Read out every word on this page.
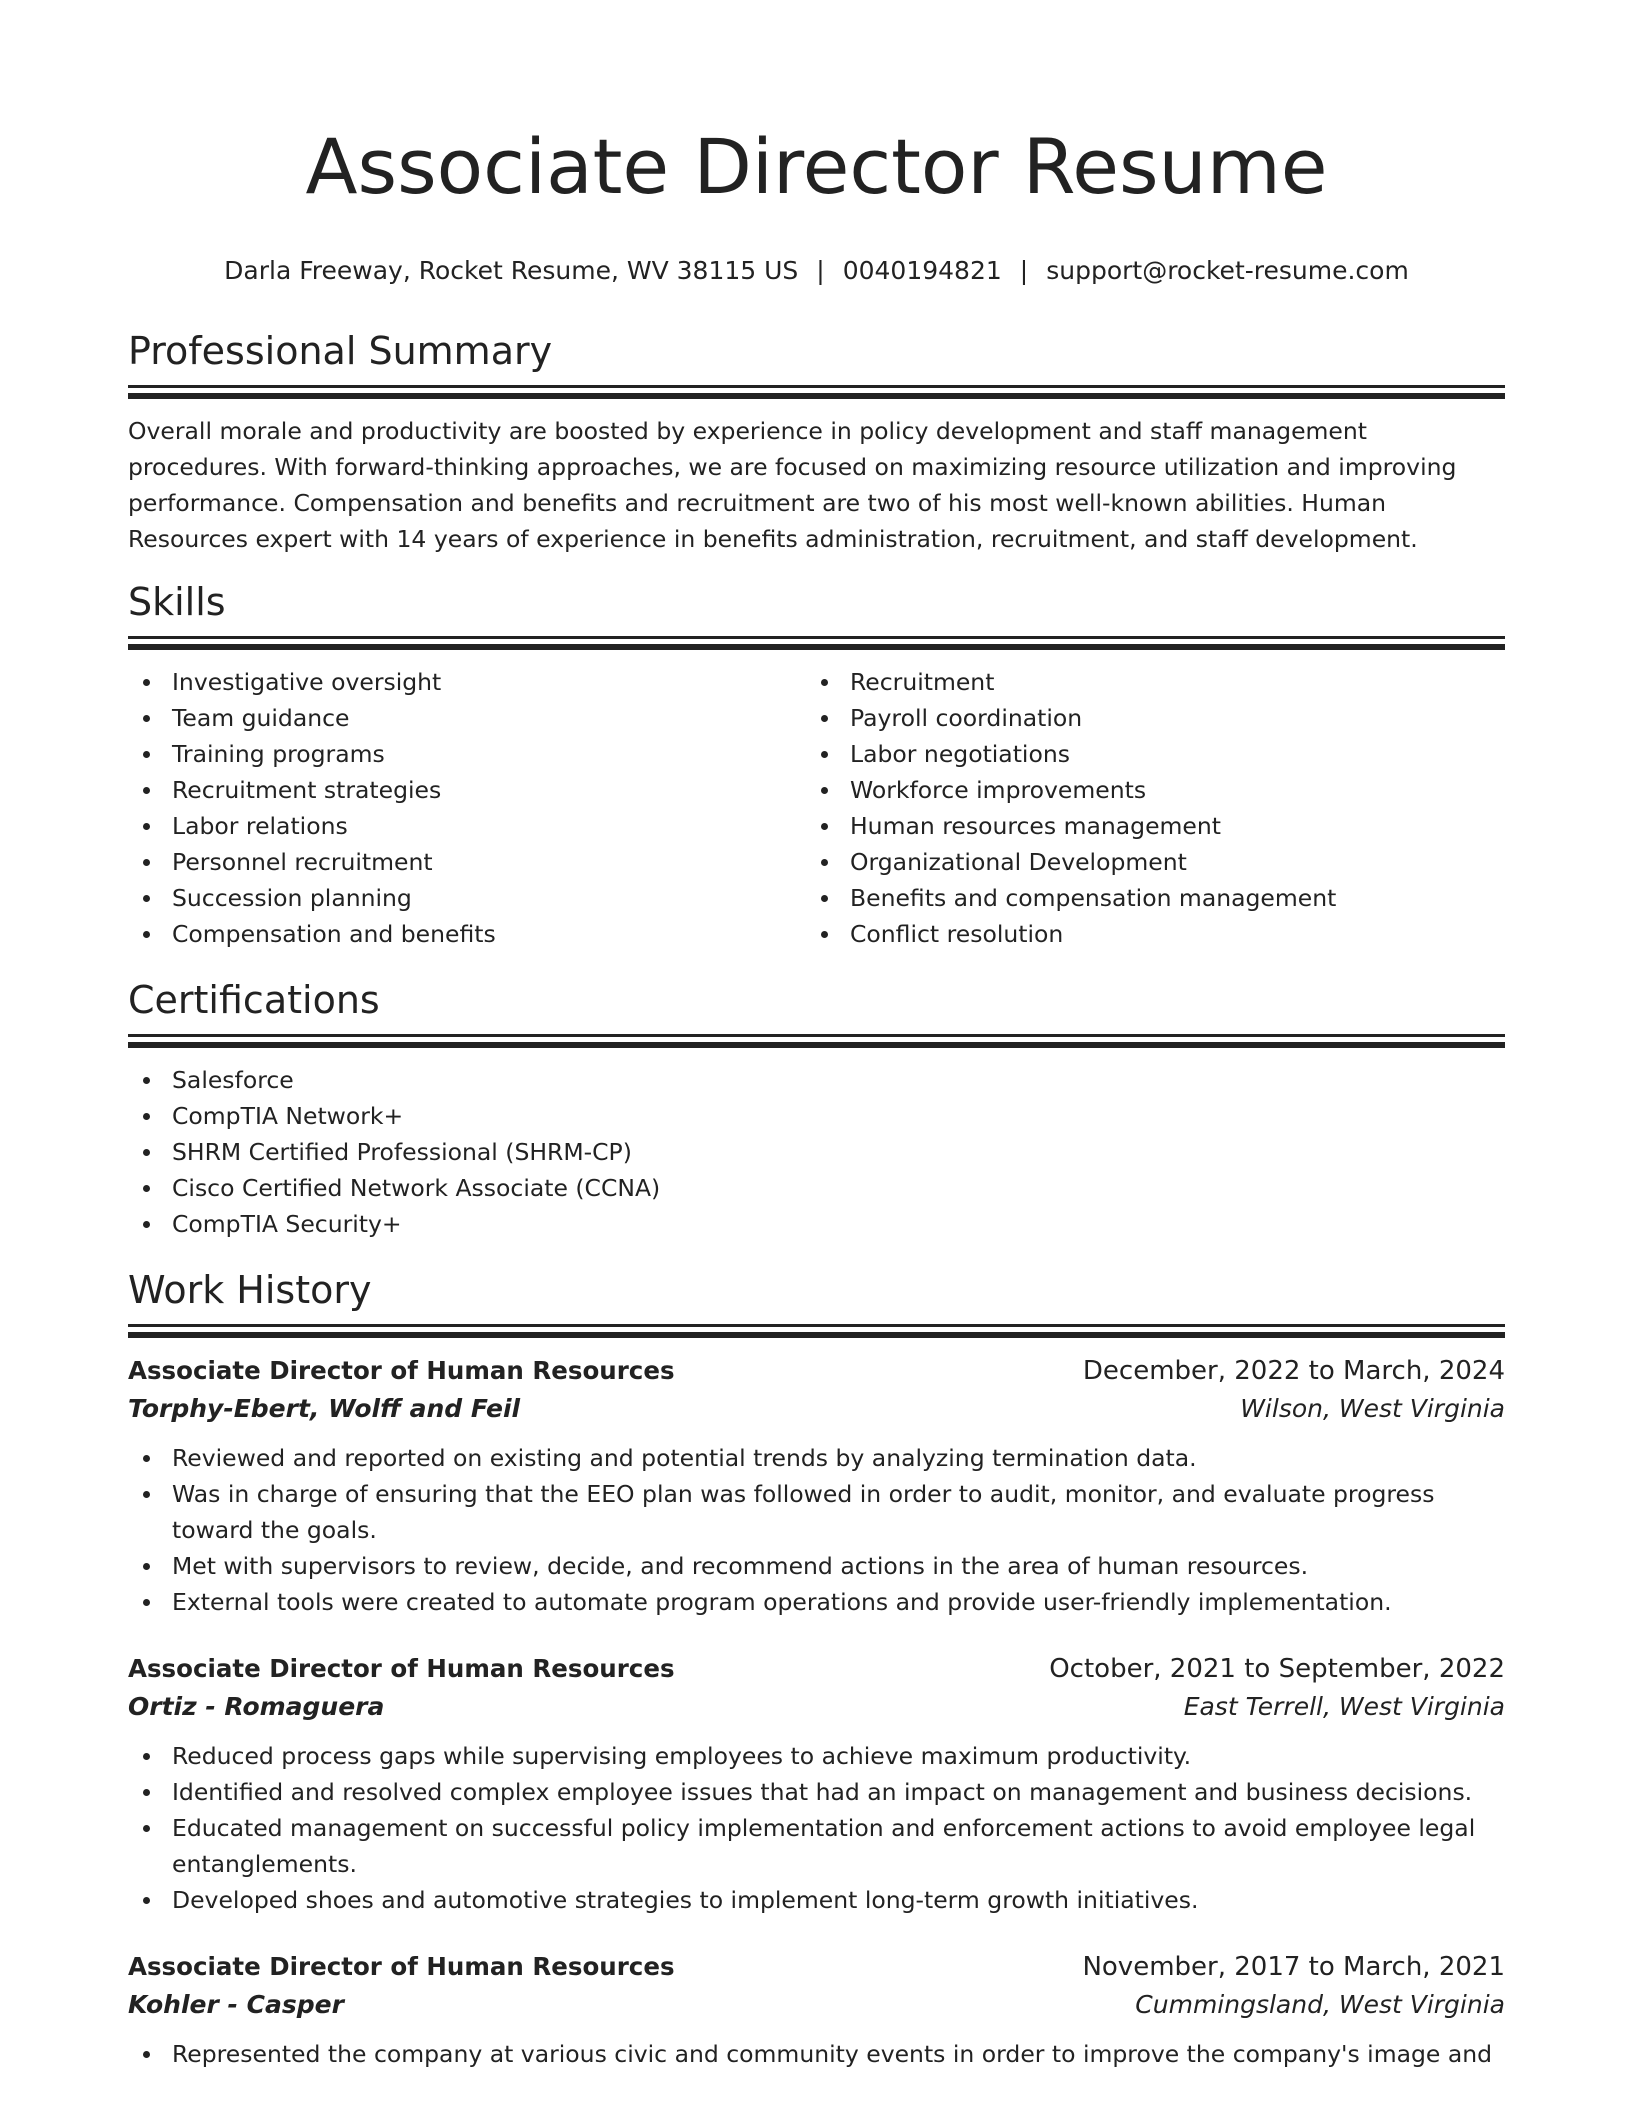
Associate Director Resume
Darla Freeway, Rocket Resume, WV 38115 US | 0040194821 | support@rocket-resume.com
Professional Summary

Overall morale and productivity are boosted by experience in policy development and staff management procedures. With forward-thinking approaches, we are focused on maximizing resource utilization and improving performance. Compensation and benefits and recruitment are two of his most well-known abilities. Human Resources expert with 14 years of experience in benefits administration, recruitment, and staff development.

Skills
Investigative oversight
Team guidance
Training programs
Recruitment strategies
Labor relations
Personnel recruitment
Succession planning
Compensation and benefits
Recruitment
Payroll coordination
Labor negotiations
Workforce improvements
Human resources management
Organizational Development
Benefits and compensation management
Conflict resolution
Certifications
Salesforce
CompTIA Network+
SHRM Certified Professional (SHRM-CP)
Cisco Certified Network Associate (CCNA)
CompTIA Security+
Work History
Associate Director of Human Resources	December, 2022 to March, 2024
Torphy-Ebert, Wolff and Feil	Wilson, West Virginia
Reviewed and reported on existing and potential trends by analyzing termination data.
Was in charge of ensuring that the EEO plan was followed in order to audit, monitor, and evaluate progress toward the goals.
Met with supervisors to review, decide, and recommend actions in the area of human resources.
External tools were created to automate program operations and provide user-friendly implementation.
Associate Director of Human Resources	October, 2021 to September, 2022
Ortiz - Romaguera	East Terrell, West Virginia
Reduced process gaps while supervising employees to achieve maximum productivity.
Identified and resolved complex employee issues that had an impact on management and business decisions.
Educated management on successful policy implementation and enforcement actions to avoid employee legal entanglements.
Developed shoes and automotive strategies to implement long-term growth initiatives.
Associate Director of Human Resources	November, 2017 to March, 2021
Kohler - Casper	Cummingsland, West Virginia
Represented the company at various civic and community events in order to improve the company's image and
